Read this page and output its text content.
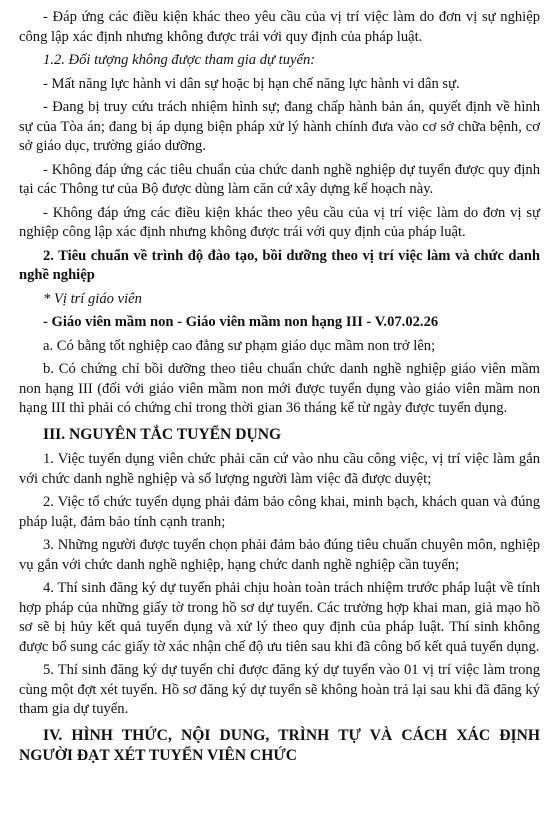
- Đáp ứng các điều kiện khác theo yêu cầu của vị trí việc làm do đơn vị sự nghiệp công lập xác định nhưng không được trái với quy định của pháp luật.

1.2. Đối tượng không được tham gia dự tuyển:

- Mất năng lực hành vi dân sự hoặc bị hạn chế năng lực hành vi dân sự.

- Đang bị truy cứu trách nhiệm hình sự; đang chấp hành bản án, quyết định về hình sự của Tòa án; đang bị áp dụng biện pháp xử lý hành chính đưa vào cơ sở chữa bệnh, cơ sở giáo dục, trường giáo dưỡng.

- Không đáp ứng các tiêu chuẩn của chức danh nghề nghiệp dự tuyển được quy định tại các Thông tư của Bộ được dùng làm căn cứ xây dựng kế hoạch này.

- Không đáp ứng các điều kiện khác theo yêu cầu của vị trí việc làm do đơn vị sự nghiệp công lập xác định nhưng không được trái với quy định của pháp luật.

2. Tiêu chuẩn về trình độ đào tạo, bồi dưỡng theo vị trí việc làm và chức danh nghề nghiệp

* Vị trí giáo viên

- Giáo viên mầm non - Giáo viên mầm non hạng III - V.07.02.26

a. Có bằng tốt nghiệp cao đẳng sư phạm giáo dục mầm non trở lên;

b. Có chứng chỉ bồi dưỡng theo tiêu chuẩn chức danh nghề nghiệp giáo viên mầm non hạng III (đối với giáo viên mầm non mới được tuyển dụng vào giáo viên mầm non hạng III thì phải có chứng chỉ trong thời gian 36 tháng kể từ ngày được tuyển dụng.

III. NGUYÊN TẮC TUYỂN DỤNG

1. Việc tuyển dụng viên chức phải căn cứ vào nhu cầu công việc, vị trí việc làm gắn với chức danh nghề nghiệp và số lượng người làm việc đã được duyệt;

2. Việc tổ chức tuyển dụng phải đảm bảo công khai, minh bạch, khách quan và đúng pháp luật, đảm bảo tính cạnh tranh;

3. Những người được tuyển chọn phải đảm bảo đúng tiêu chuẩn chuyên môn, nghiệp vụ gắn với chức danh nghề nghiệp, hạng chức danh nghề nghiệp cần tuyển;

4. Thí sinh đăng ký dự tuyển phải chịu hoàn toàn trách nhiệm trước pháp luật về tính hợp pháp của những giấy tờ trong hồ sơ dự tuyển. Các trường hợp khai man, giả mạo hồ sơ sẽ bị hủy kết quả tuyển dụng và xử lý theo quy định của pháp luật. Thí sinh không được bổ sung các giấy tờ xác nhận chế độ ưu tiên sau khi đã công bố kết quả tuyển dụng.

5. Thí sinh đăng ký dự tuyển chỉ được đăng ký dự tuyển vào 01 vị trí việc làm trong cùng một đợt xét tuyển. Hồ sơ đăng ký dự tuyển sẽ không hoàn trả lại sau khi đã đăng ký tham gia dự tuyển.

IV. HÌNH THỨC, NỘI DUNG, TRÌNH TỰ VÀ CÁCH XÁC ĐỊNH NGƯỜI ĐẠT XÉT TUYỂN VIÊN CHỨC
